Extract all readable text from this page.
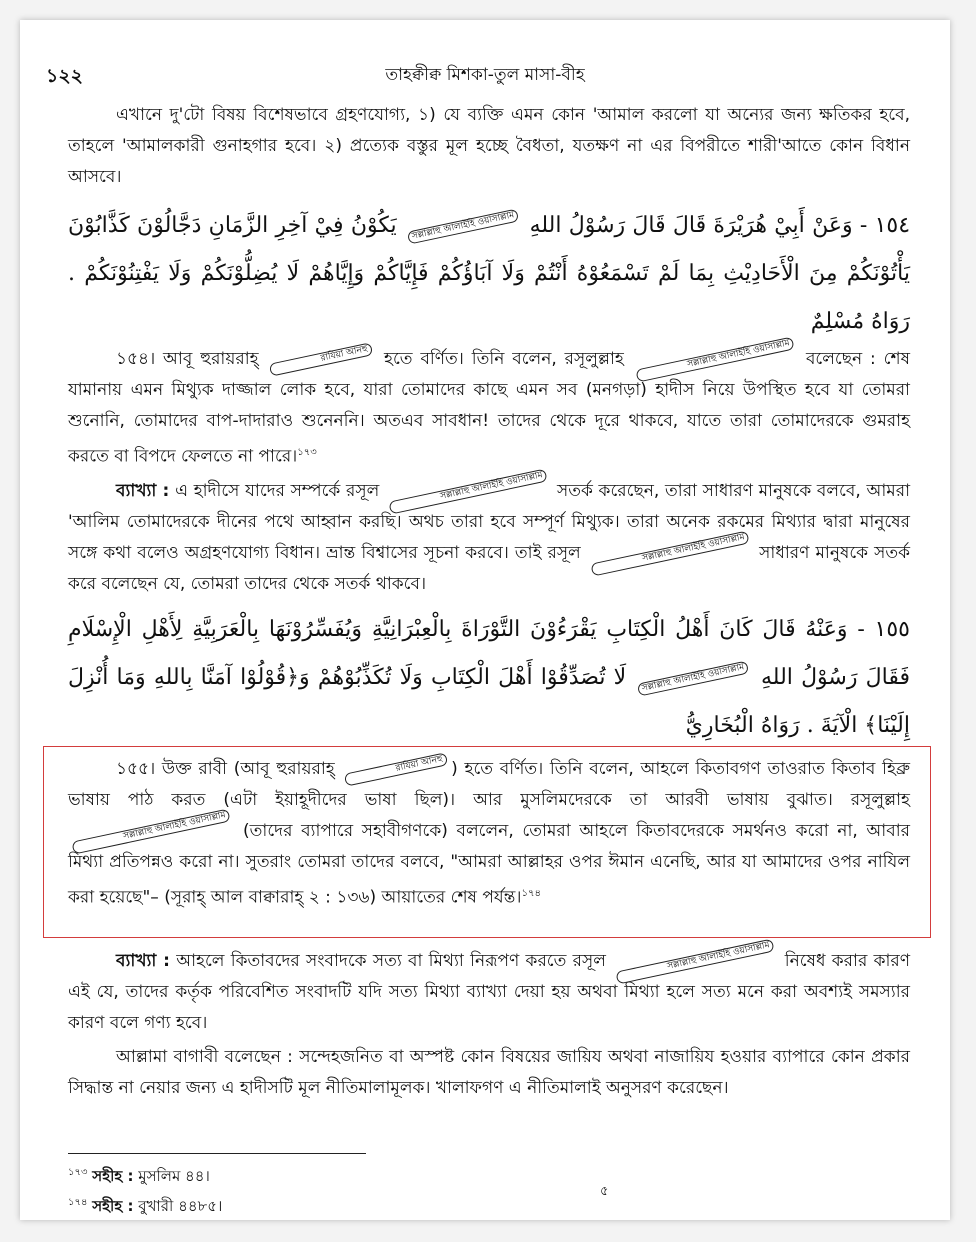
১২২	তাহক্বীক্ব মিশকা-তুল মাসা-বীহ
এখানে দু'টো বিষয় বিশেষভাবে গ্রহণযোগ্য, ১) যে ব্যক্তি এমন কোন 'আমাল করলো যা অন্যের জন্য ক্ষতিকর হবে, তাহলে 'আমালকারী গুনাহগার হবে। ২) প্রত্যেক বস্তুর মূল হচ্ছে বৈধতা, যতক্ষণ না এর বিপরীতে শারী'আতে কোন বিধান আসবে।
١٥٤ - وَعَنْ أَبِيْ هُرَيْرَةَ قَالَ قَالَ رَسُوْلُ اللهِ সল্লাল্লাহু আলাইহি ওয়াসাল্লাম يَكُوْنُ فِيْ آخِرِ الزَّمَانِ دَجَّالُوْنَ كَذَّابُوْنَ يَأْتُوْنَكُمْ مِنَ الْأَحَادِيْثِ بِمَا لَمْ تَسْمَعُوْهُ أَنْتُمْ وَلَا آبَاؤُكُمْ فَإِيَّاكُمْ وَإِيَّاهُمْ لَا يُضِلُّوْنَكُمْ وَلَا يَفْتِنُوْنَكُمْ . رَوَاهُ مُسْلِمٌ
১৫৪। আবূ হুরায়রাহ্	রাযিয়া আনহু হতে বর্ণিত। তিনি বলেন, রসূলুল্লাহ	সল্লাল্লাহু আলাইহি ওয়াসাল্লাম বলেছেন : শেষ যামানায় এমন মিথ্যুক দাজ্জাল লোক হবে, যারা তোমাদের কাছে এমন সব (মনগড়া) হাদীস নিয়ে উপস্থিত হবে যা তোমরা শুনোনি, তোমাদের বাপ-দাদারাও শুনেননি। অতএব সাবধান! তাদের থেকে দূরে থাকবে, যাতে তারা তোমাদেরকে গুমরাহ করতে বা বিপদে ফেলতে না পারে।$^{১৭৩}$
ব্যাখ্যা : এ হাদীসে যাদের সম্পর্কে রসূল	সল্লাল্লাহু আলাইহি ওয়াসাল্লাম সতর্ক করেছেন, তারা সাধারণ মানুষকে বলবে, আমরা 'আলিম তোমাদেরকে দীনের পথে আহ্বান করছি। অথচ তারা হবে সম্পূর্ণ মিথ্যুক। তারা অনেক রকমের মিথ্যার দ্বারা মানুষের সঙ্গে কথা বলেও অগ্রহণযোগ্য বিধান। ভ্রান্ত বিশ্বাসের সূচনা করবে। তাই রসূল	সল্লাল্লাহু আলাইহি ওয়াসাল্লাম সাধারণ মানুষকে সতর্ক করে বলেছেন যে, তোমরা তাদের থেকে সতর্ক থাকবে।
١٥٥ - وَعَنْهُ قَالَ كَانَ أَهْلُ الْكِتَابِ يَقْرَءُوْنَ التَّوْرَاةَ بِالْعِبْرَانِيَّةِ وَيُفَسِّرُوْنَهَا بِالْعَرَبِيَّةِ لِأَهْلِ الْإِسْلَامِ فَقَالَ رَسُوْلُ اللهِ সল্লাল্লাহু আলাইহি ওয়াসাল্লাম لَا تُصَدِّقُوْا أَهْلَ الْكِتَابِ وَلَا تُكَذِّبُوْهُمْ وَ﴿قُوْلُوْا آمَنَّا بِاللهِ وَمَا أُنْزِلَ إِلَيْنَا﴾ الْآيَةَ . رَوَاهُ الْبُخَارِيُّ
১৫৫। উক্ত রাবী (আবূ হুরায়রাহ্	রাযিয়া আনহু ) হতে বর্ণিত। তিনি বলেন, আহলে কিতাবগণ তাওরাত কিতাব হিব্রু ভাষায় পাঠ করত (এটা ইয়াহূদীদের ভাষা ছিল)। আর মুসলিমদেরকে তা আরবী ভাষায় বুঝাত। রসূলুল্লাহ সল্লাল্লাহু আলাইহি ওয়াসাল্লাম (তাদের ব্যাপারে সহাবীগণকে) বললেন, তোমরা আহলে কিতাবদেরকে সমর্থনও করো না, আবার মিথ্যা প্রতিপন্নও করো না। সুতরাং তোমরা তাদের বলবে, "আমরা আল্লাহর ওপর ঈমান এনেছি, আর যা আমাদের ওপর নাযিল করা হয়েছে"– (সূরাহ্ আল বাক্বারাহ্ ২ : ১৩৬) আয়াতের শেষ পর্যন্ত।$^{১৭৪}$
ব্যাখ্যা : আহলে কিতাবদের সংবাদকে সত্য বা মিথ্যা নিরূপণ করতে রসূল	সল্লাল্লাহু আলাইহি ওয়াসাল্লাম নিষেধ করার কারণ এই যে, তাদের কর্তৃক পরিবেশিত সংবাদটি যদি সত্য মিথ্যা ব্যাখ্যা দেয়া হয় অথবা মিথ্যা হলে সত্য মনে করা অবশ্যই সমস্যার কারণ বলে গণ্য হবে।
আল্লামা বাগাবী বলেছেন : সন্দেহজনিত বা অস্পষ্ট কোন বিষয়ের জায়িয অথবা নাজায়িয হওয়ার ব্যাপারে কোন প্রকার সিদ্ধান্ত না নেয়ার জন্য এ হাদীসটি মূল নীতিমালামূলক। খালাফগণ এ নীতিমালাই অনুসরণ করেছেন।
$^{১৭৩}$ সহীহ : মুসলিম ৪৪।
$^{১৭৪}$ সহীহ : বুখারী ৪৪৮৫।
৫
